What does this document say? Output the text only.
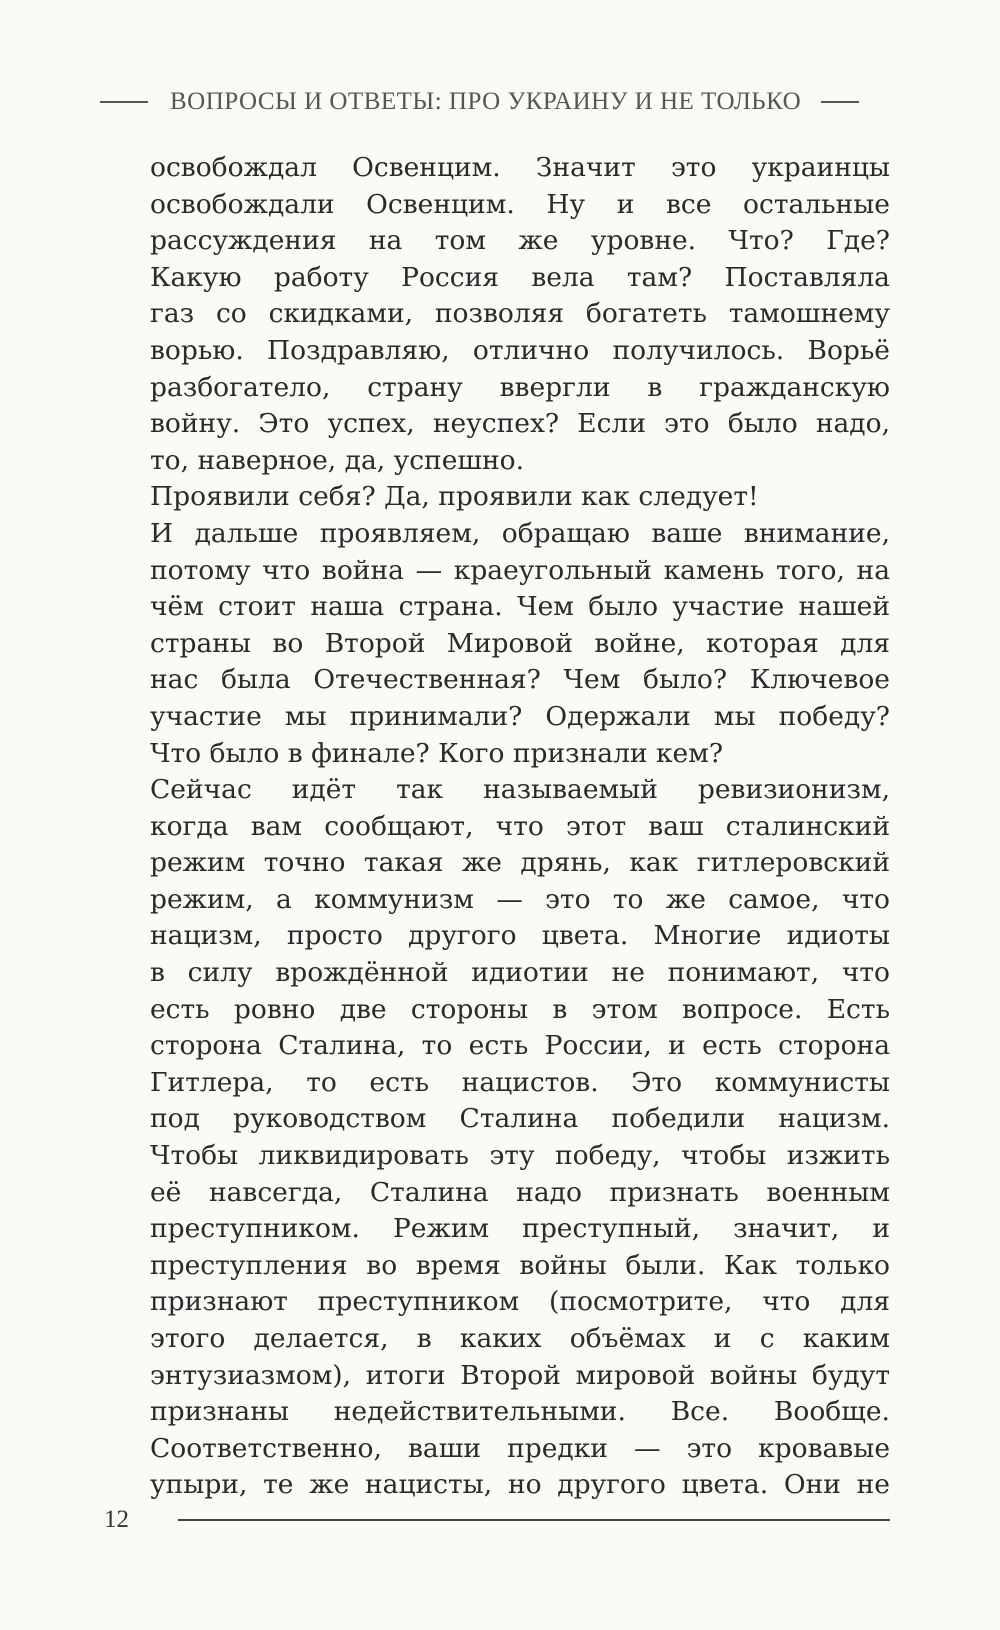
ВОПРОСЫ И ОТВЕТЫ: ПРО УКРАИНУ И НЕ ТОЛЬКО
освобождал Освенцим. Значит это украинцы
освобождали Освенцим. Ну и все остальные
рассуждения на том же уровне. Что? Где?
Какую работу Россия вела там? Поставляла
газ со скидками, позволяя богатеть тамошнему
ворью. Поздравляю, отлично получилось. Ворьё
разбогатело, страну ввергли в гражданскую
войну. Это успех, неуспех? Если это было надо,
то, наверное, да, успешно.
Проявили себя? Да, проявили как следует!
И дальше проявляем, обращаю ваше внимание,
потому что война — краеугольный камень того, на
чём стоит наша страна. Чем было участие нашей
страны во Второй Мировой войне, которая для
нас была Отечественная? Чем было? Ключевое
участие мы принимали? Одержали мы победу?
Что было в финале? Кого признали кем?
Сейчас идёт так называемый ревизионизм,
когда вам сообщают, что этот ваш сталинский
режим точно такая же дрянь, как гитлеровский
режим, а коммунизм — это то же самое, что
нацизм, просто другого цвета. Многие идиоты
в силу врождённой идиотии не понимают, что
есть ровно две стороны в этом вопросе. Есть
сторона Сталина, то есть России, и есть сторона
Гитлера, то есть нацистов. Это коммунисты
под руководством Сталина победили нацизм.
Чтобы ликвидировать эту победу, чтобы изжить
её навсегда, Сталина надо признать военным
преступником. Режим преступный, значит, и
преступления во время войны были. Как только
признают преступником (посмотрите, что для
этого делается, в каких объёмах и с каким
энтузиазмом), итоги Второй мировой войны будут
признаны недействительными. Все. Вообще.
Соответственно, ваши предки — это кровавые
упыри, те же нацисты, но другого цвета. Они не
12
